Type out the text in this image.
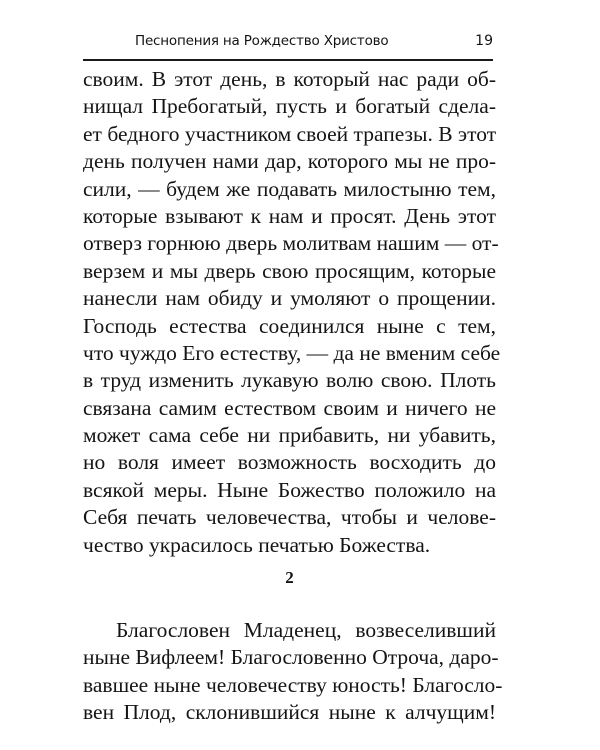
Песнопения на Рождество Христово	19
своим. В этот день, в который нас ради об-
нищал Пребогатый, пусть и богатый сдела-
ет бедного участником своей трапезы. В этот
день получен нами дар, которого мы не про-
сили, — будем же подавать милостыню тем,
которые взывают к нам и просят. День этот
отверз горнюю дверь молитвам нашим — от-
верзем и мы дверь свою просящим, которые
нанесли нам обиду и умоляют о прощении.
Господь естества соединился ныне с тем,
что чуждо Его естеству, — да не вменим себе
в труд изменить лукавую волю свою. Плоть
связана самим естеством своим и ничего не
может сама себе ни прибавить, ни убавить,
но воля имеет возможность восходить до
всякой меры. Ныне Божество положило на
Себя печать человечества, чтобы и челове-
чество украсилось печатью Божества.
2
Благословен Младенец, возвеселивший
ныне Вифлеем! Благословенно Отроча, даро-
вавшее ныне человечеству юность! Благосло-
вен Плод, склонившийся ныне к алчущим!
